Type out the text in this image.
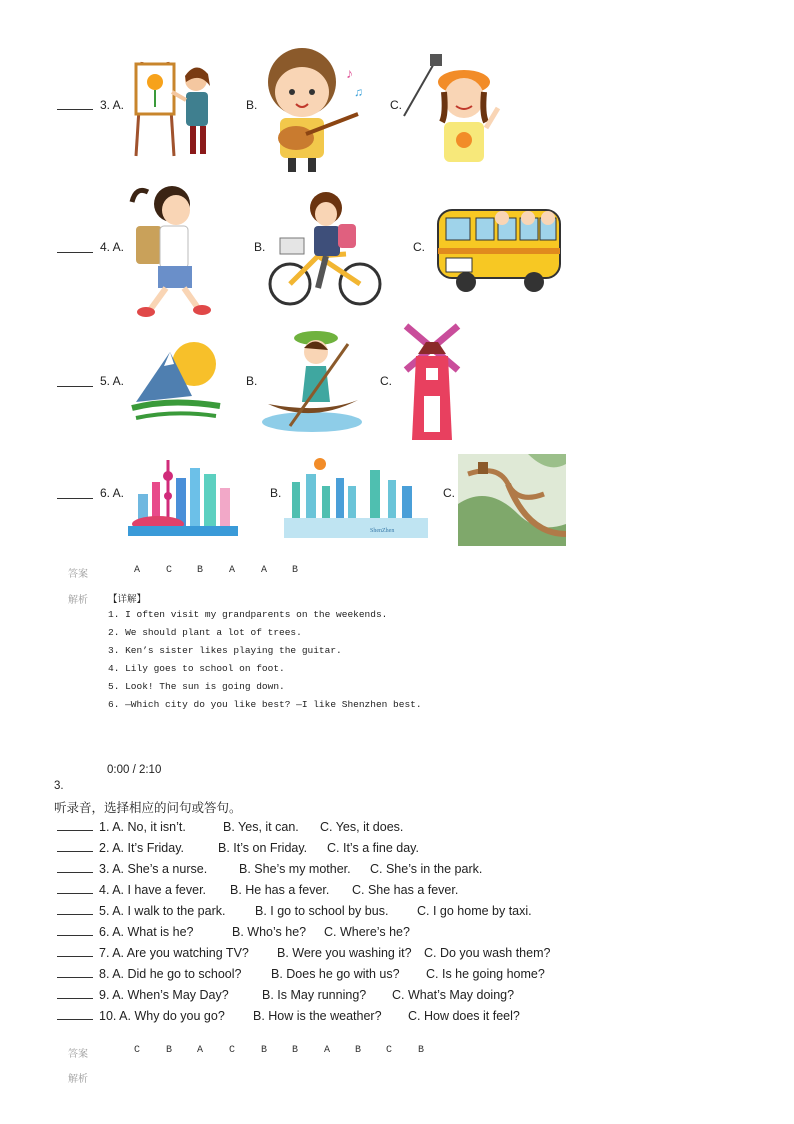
3. A.	B.
♪
♫
C.
4. A.	B.	C.
5. A.	B.	C.
6. A.	B.
ShenZhen
C.
答案	A	C B	A	A B
解析 【详解】
1. I often visit my grandparents on the weekends.
2. We should plant a lot of trees.
3. Ken’s sister likes playing the guitar.
4. Lily goes to school on foot.
5. Look! The sun is going down.
6. —Which city do you like best? —I like Shenzhen best.
0:00 / 2:10
3.
听录音，选择相应的问句或答句。
1. A. No, it isn’t.	B. Yes, it can. C. Yes, it does.
2. A. It’s Friday.	B. It’s on Friday. C. It’s a fine day.
3. A. She’s a nurse.	B. She’s my mother. C. She’s in the park.
4. A. I have a fever. B. He has a fever. C. She has a fever.
5. A. I walk to the park. B. I go to school by bus. C. I go home by taxi.
6. A. What is he?	B. Who’s he? C. Where’s he?
7. A. Are you watching TV? B. Were you washing it? C. Do you wash them?
8. A. Did he go to school? B. Does he go with us? C. Is he going home?
9. A. When’s May Day?	B. Is May running? C. What’s May doing?
10. A. Why do you go? B. How is the weather? C. How does it feel?
答案	C	B A	C	B B	A B C	B
解析
